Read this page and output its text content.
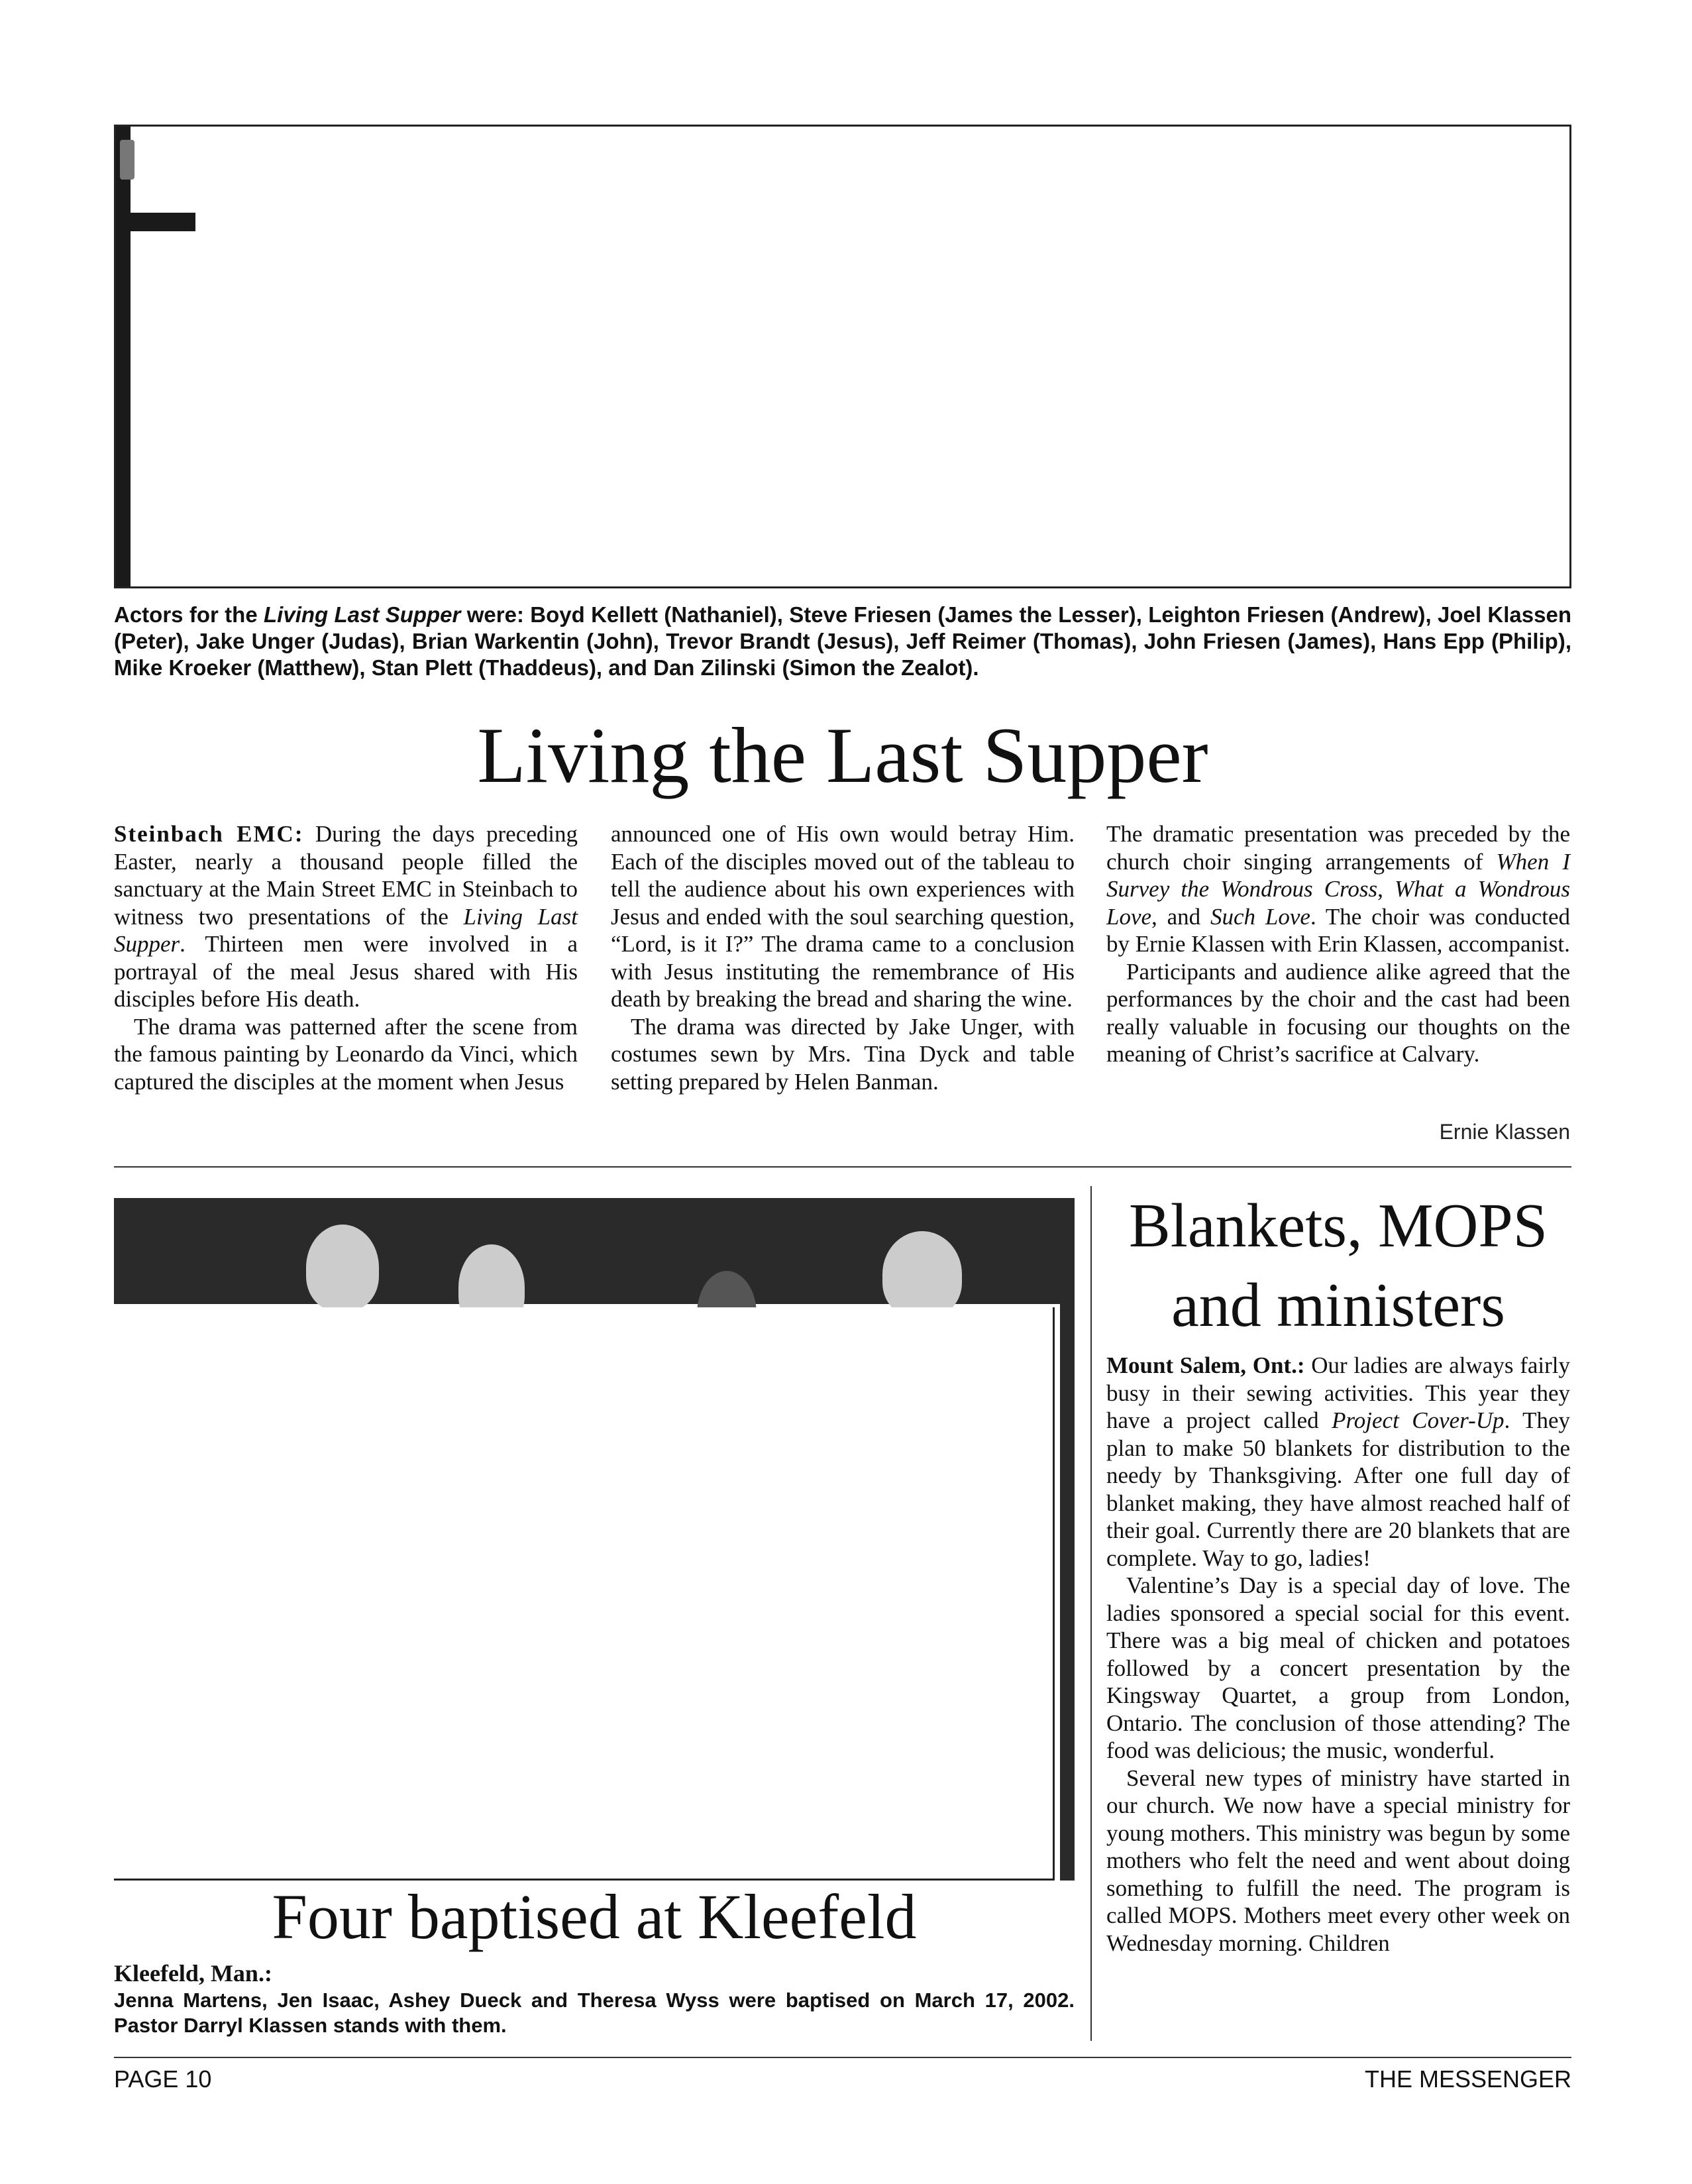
Actors for the Living Last Supper were: Boyd Kellett (Nathaniel), Steve Friesen (James the Lesser), Leighton Friesen (Andrew), Joel Klassen (Peter), Jake Unger (Judas), Brian Warkentin (John), Trevor Brandt (Jesus), Jeff Reimer (Thomas), John Friesen (James), Hans Epp (Philip), Mike Kroeker (Matthew), Stan Plett (Thaddeus), and Dan Zilinski (Simon the Zealot).
Living the Last Supper

Steinbach EMC: During the days preceding Easter, nearly a thousand people filled the sanctuary at the Main Street EMC in Steinbach to witness two presentations of the Living Last Supper. Thirteen men were involved in a portrayal of the meal Jesus shared with His disciples before His death.

The drama was patterned after the scene from the famous painting by Leonardo da Vinci, which captured the disciples at the moment when Jesus

announced one of His own would betray Him. Each of the disciples moved out of the tableau to tell the audience about his own experiences with Jesus and ended with the soul searching question, “Lord, is it I?” The drama came to a conclusion with Jesus instituting the remembrance of His death by breaking the bread and sharing the wine.

The drama was directed by Jake Unger, with costumes sewn by Mrs. Tina Dyck and table setting prepared by Helen Banman.

The dramatic presentation was preceded by the church choir singing arrangements of When I Survey the Wondrous Cross, What a Wondrous Love, and Such Love. The choir was conducted by Ernie Klassen with Erin Klassen, accompanist.

Participants and audience alike agreed that the performances by the choir and the cast had been really valuable in focusing our thoughts on the meaning of Christ’s sacrifice at Calvary.

Ernie Klassen
Four baptised at Kleefeld
Kleefeld, Man.:
Jenna Martens, Jen Isaac, Ashey Dueck and Theresa Wyss were baptised on March 17, 2002. Pastor Darryl Klassen stands with them.
Blankets, MOPS
and ministers

Mount Salem, Ont.: Our ladies are always fairly busy in their sewing activities. This year they have a project called Project Cover-Up. They plan to make 50 blankets for distribution to the needy by Thanksgiving. After one full day of blanket making, they have almost reached half of their goal. Currently there are 20 blankets that are complete. Way to go, ladies!

Valentine’s Day is a special day of love. The ladies sponsored a special social for this event. There was a big meal of chicken and potatoes followed by a concert presentation by the Kingsway Quartet, a group from London, Ontario. The conclusion of those attending? The food was delicious; the music, wonderful.

Several new types of ministry have started in our church. We now have a special ministry for young mothers. This ministry was begun by some mothers who felt the need and went about doing something to fulfill the need. The program is called MOPS. Mothers meet every other week on Wednesday morning. Children

PAGE 10	THE MESSENGER
